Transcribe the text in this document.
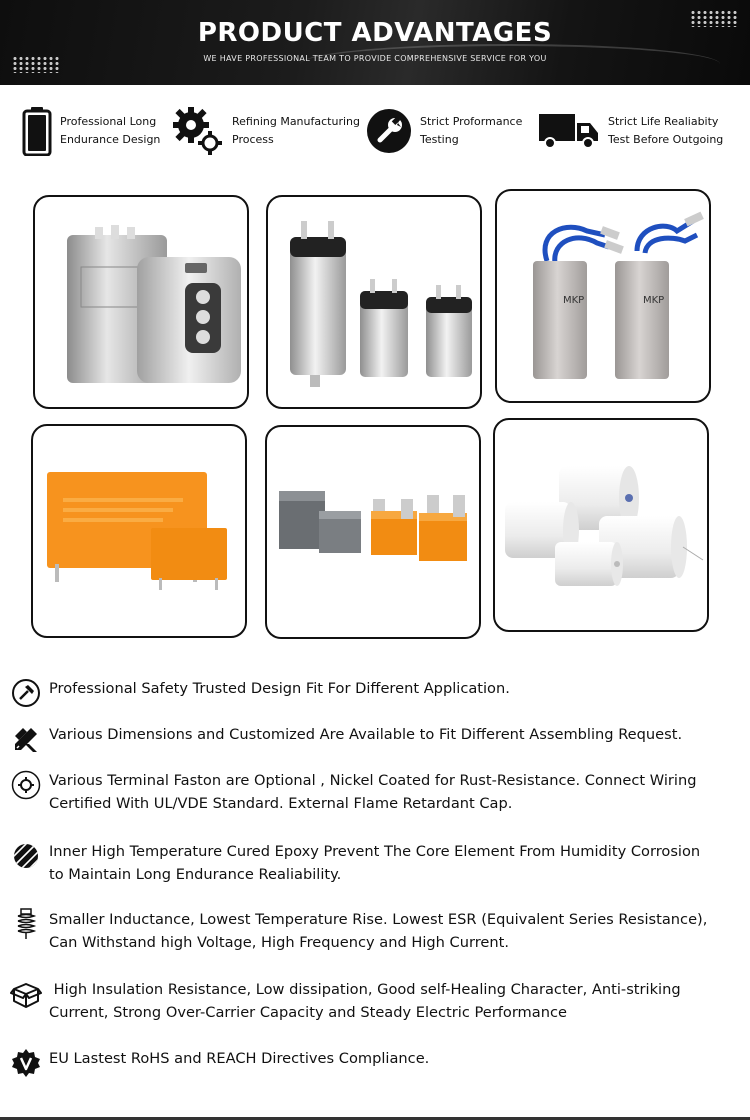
PRODUCT ADVANTAGES
WE HAVE PROFESSIONAL TEAM TO PROVIDE COMPREHENSIVE SERVICE FOR YOU
Professional Long
Endurance Design
Refining Manufacturing
Process
Strict Proformance
Testing
Strict Life Realiabity
Test Before Outgoing
MKP	MKP
Professional Safety Trusted Design Fit For Different Application.
Various Dimensions and Customized Are Available to Fit Different Assembling Request.
Various Terminal Faston are Optional , Nickel Coated for Rust-Resistance. Connect Wiring
Certified With UL/VDE Standard. External Flame Retardant Cap.
Inner High Temperature Cured Epoxy Prevent The Core Element From Humidity Corrosion
to Maintain Long Endurance Realiability.
Smaller Inductance, Lowest Temperature Rise. Lowest ESR (Equivalent Series Resistance),
Can Withstand high Voltage, High Frequency and High Current.
High Insulation Resistance, Low dissipation, Good self-Healing Character, Anti-striking
Current, Strong Over-Carrier Capacity and Steady Electric Performance
EU Lastest RoHS and REACH Directives Compliance.
